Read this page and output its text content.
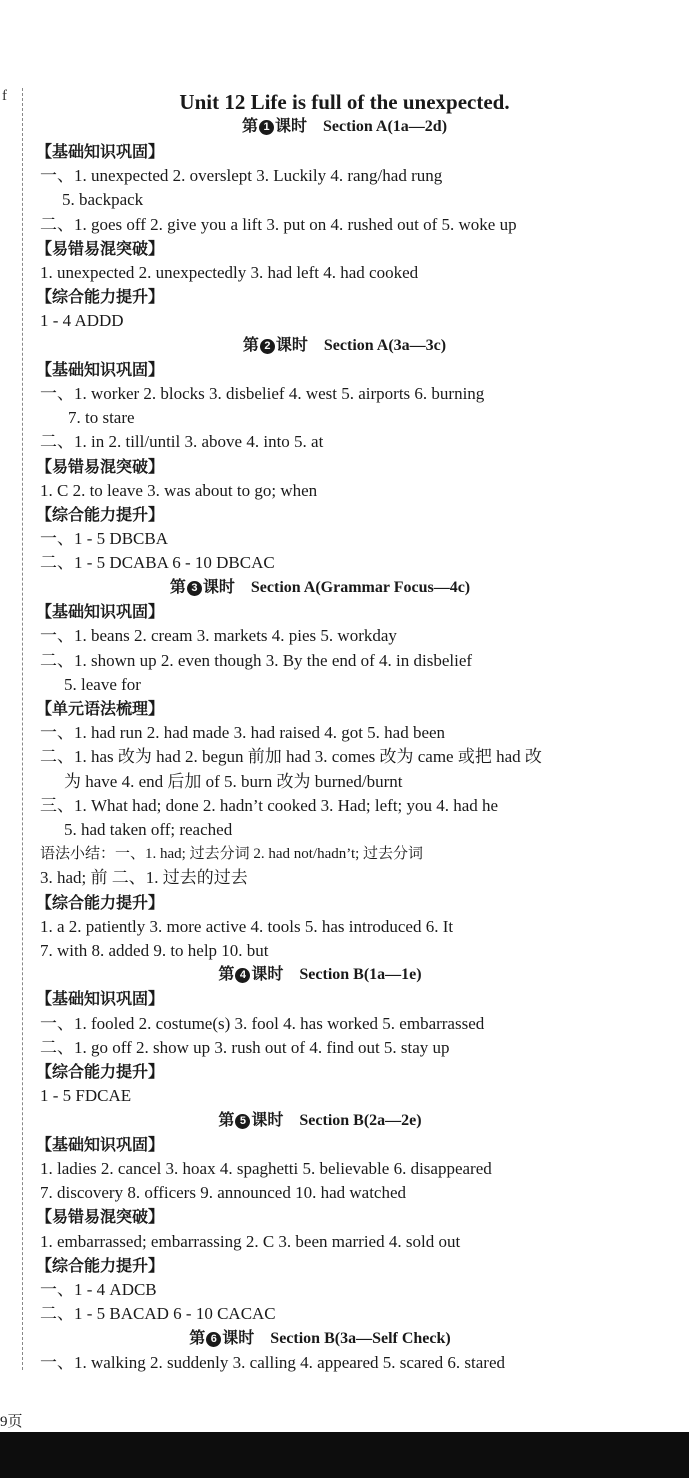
f	Unit 12 Life is full of the unexpected.
第 1 课时 Section A(1a—2d)
【基础知识巩固】
一、1. unexpected 2. overslept 3. Luckily 4. rang/had rung
5. backpack
二、1. goes off 2. give you a lift 3. put on 4. rushed out of 5. woke up
【易错易混突破】
1. unexpected 2. unexpectedly 3. had left 4. had cooked
【综合能力提升】
1 - 4 ADDD
第 2 课时 Section A(3a—3c)
【基础知识巩固】
一、1. worker 2. blocks 3. disbelief 4. west 5. airports 6. burning
7. to stare
二、1. in 2. till/until 3. above 4. into 5. at
【易错易混突破】
1. C 2. to leave 3. was about to go; when
【综合能力提升】
一、1 - 5 DBCBA
二、1 - 5 DCABA 6 - 10 DBCAC
第 3 课时 Section A(Grammar Focus—4c)
【基础知识巩固】
一、1. beans 2. cream 3. markets 4. pies 5. workday
二、1. shown up 2. even though 3. By the end of 4. in disbelief
5. leave for
【单元语法梳理】
一、1. had run 2. had made 3. had raised 4. got 5. had been
二、1. has 改为 had 2. begun 前加 had 3. comes 改为 came 或把 had 改
为 have 4. end 后加 of 5. burn 改为 burned/burnt
三、1. What had; done 2. hadn’t cooked 3. Had; left; you 4. had he
5. had taken off; reached
语法小结：一、1. had; 过去分词 2. had not/hadn’t; 过去分词
3. had; 前 二、1. 过去的过去
【综合能力提升】
1. a 2. patiently 3. more active 4. tools 5. has introduced 6. It
7. with 8. added 9. to help 10. but
第 4 课时 Section B(1a—1e)
【基础知识巩固】
一、1. fooled 2. costume(s) 3. fool 4. has worked 5. embarrassed
二、1. go off 2. show up 3. rush out of 4. find out 5. stay up
【综合能力提升】
1 - 5 FDCAE
第 5 课时 Section B(2a—2e)
【基础知识巩固】
1. ladies 2. cancel 3. hoax 4. spaghetti 5. believable 6. disappeared
7. discovery 8. officers 9. announced 10. had watched
【易错易混突破】
1. embarrassed; embarrassing 2. C 3. been married 4. sold out
【综合能力提升】
一、1 - 4 ADCB
二、1 - 5 BACAD 6 - 10 CACAC
第 6 课时 Section B(3a—Self Check)
一、1. walking 2. suddenly 3. calling 4. appeared 5. scared 6. stared
9页
